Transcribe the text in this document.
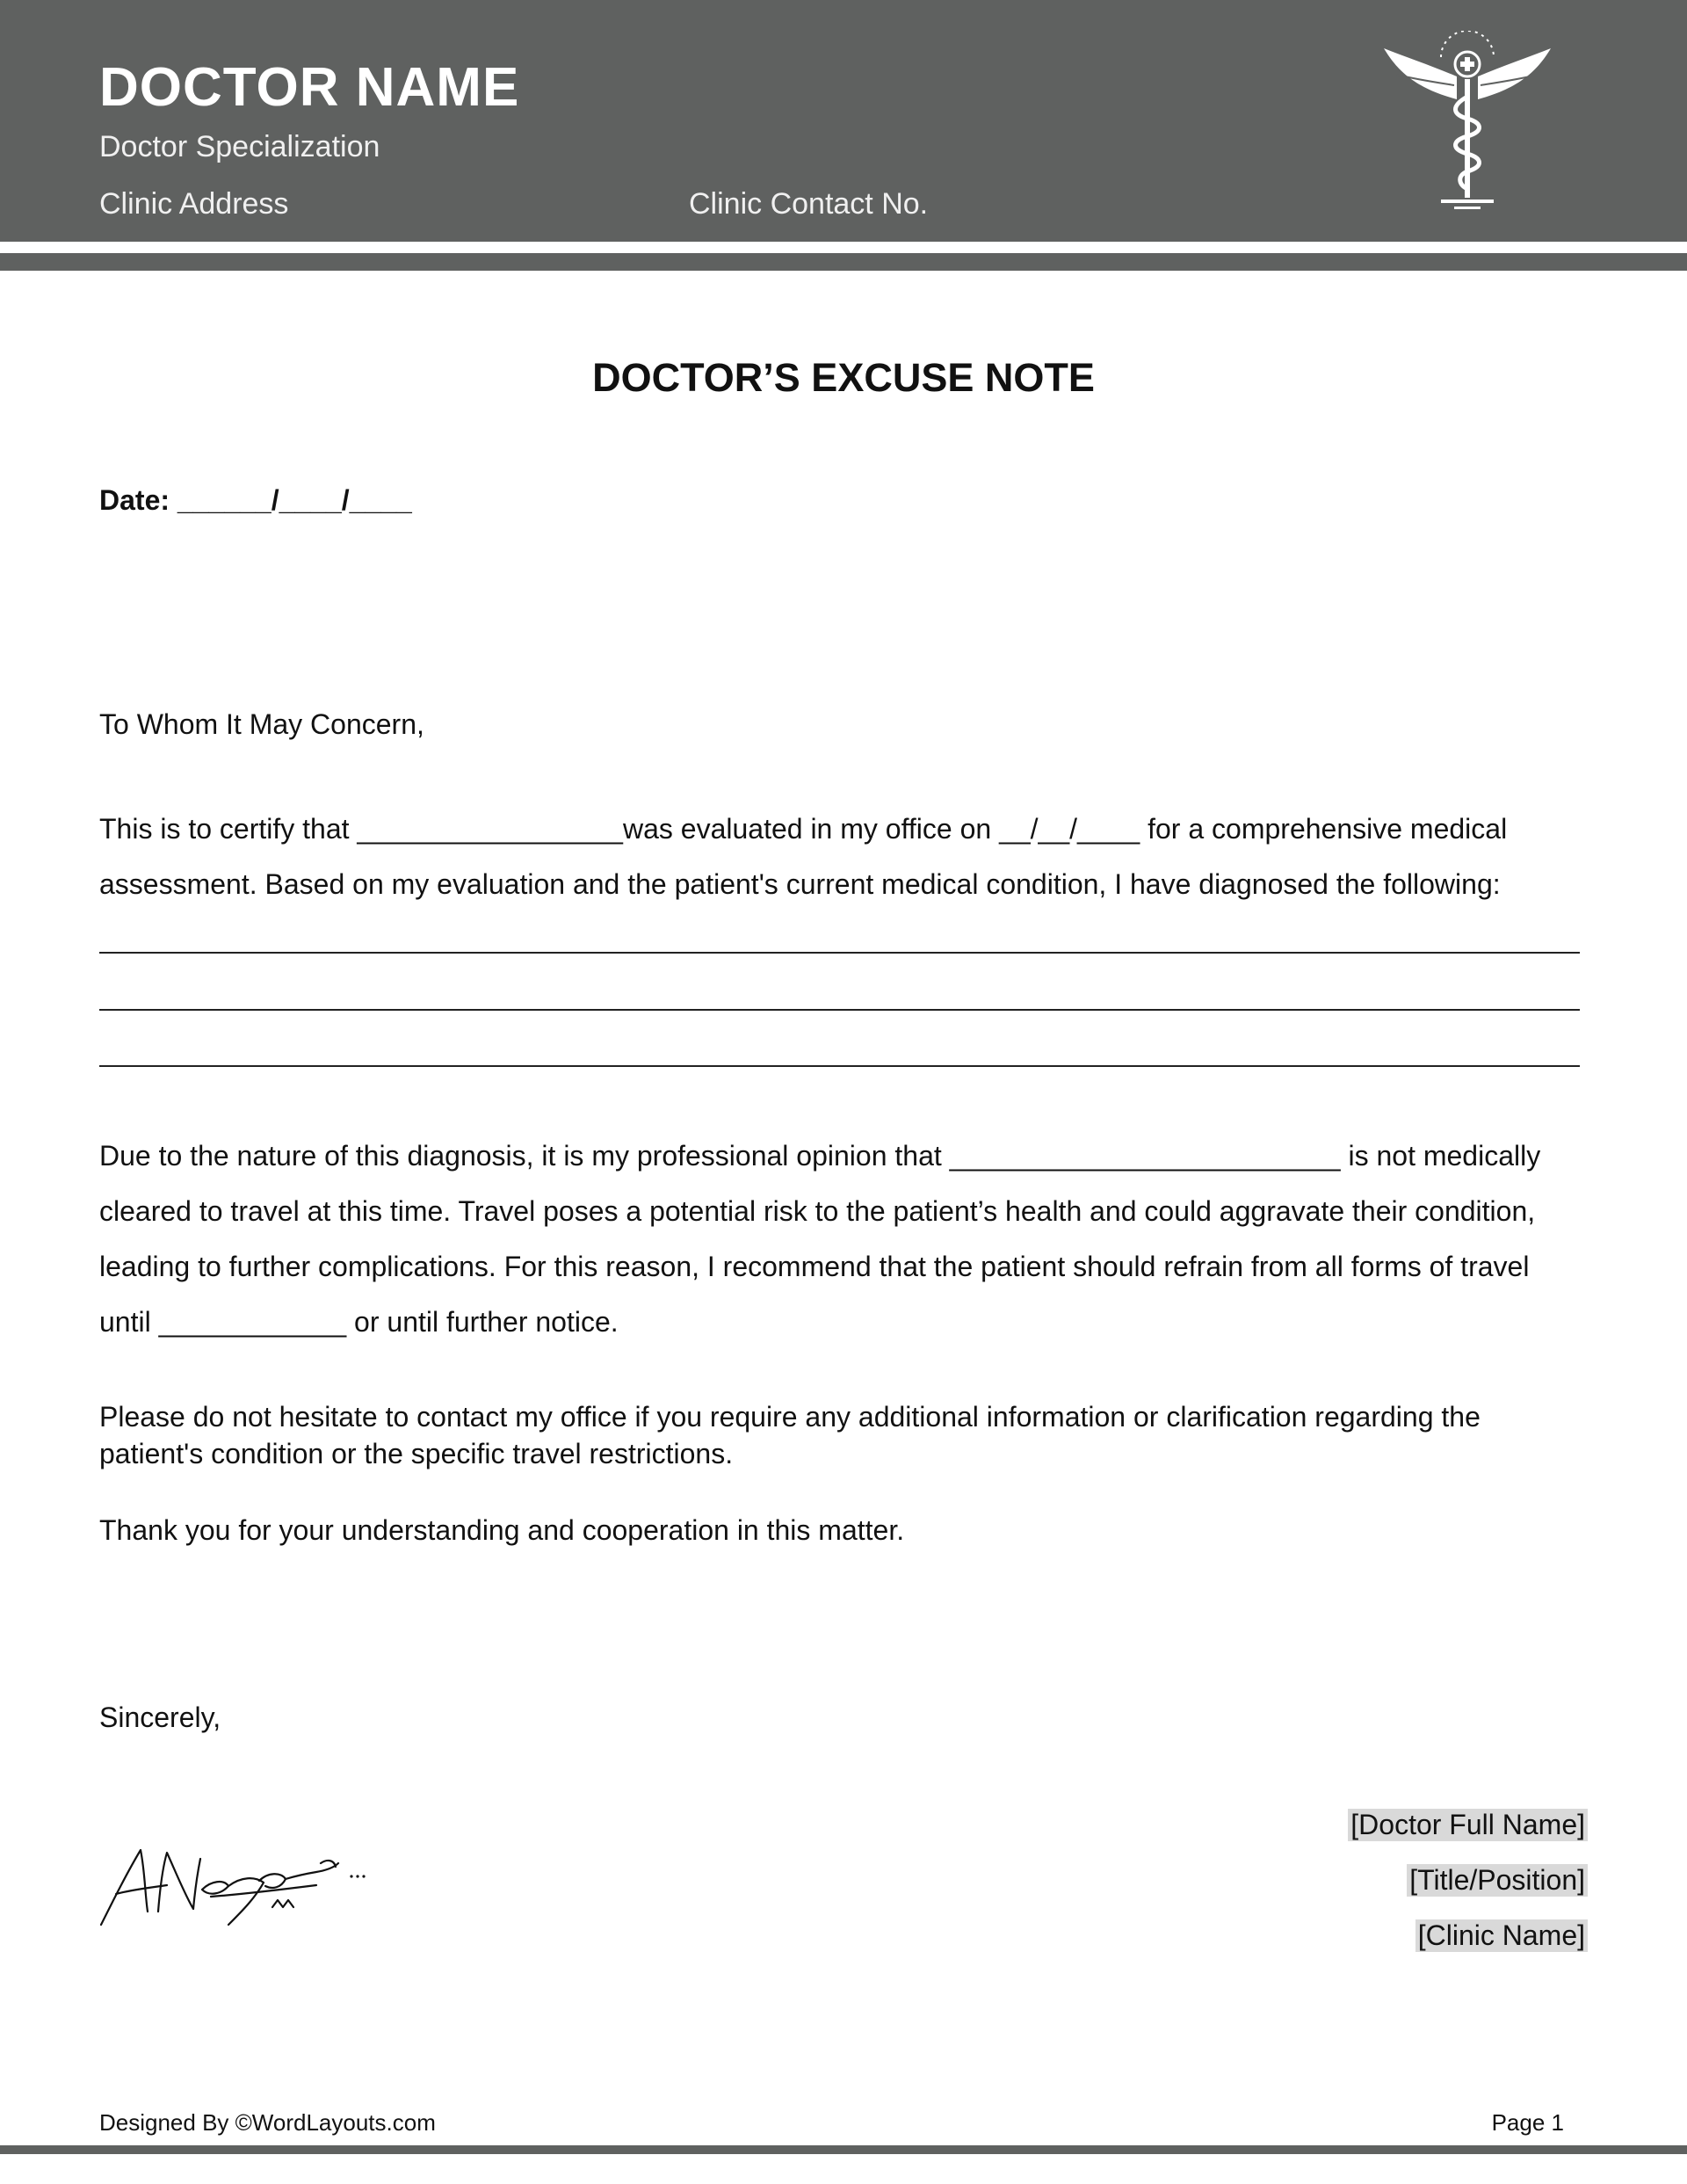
DOCTOR NAME
Doctor Specialization
Clinic Address	Clinic Contact No.
DOCTOR’S EXCUSE NOTE
Date: ______/____/____
To Whom It May Concern,
This is to certify that _________________was evaluated in my office on __/__/____ for a comprehensive medical
assessment. Based on my evaluation and the patient's current medical condition, I have diagnosed the following:
Due to the nature of this diagnosis, it is my professional opinion that _________________________ is not medically
cleared to travel at this time. Travel poses a potential risk to the patient’s health and could aggravate their condition,
leading to further complications. For this reason, I recommend that the patient should refrain from all forms of travel
until ____________ or until further notice.
Please do not hesitate to contact my office if you require any additional information or clarification regarding the
patient's condition or the specific travel restrictions.
Thank you for your understanding and cooperation in this matter.
Sincerely,
[Doctor Full Name]
[Title/Position]
[Clinic Name]
Designed By ©WordLayouts.com	Page 1
